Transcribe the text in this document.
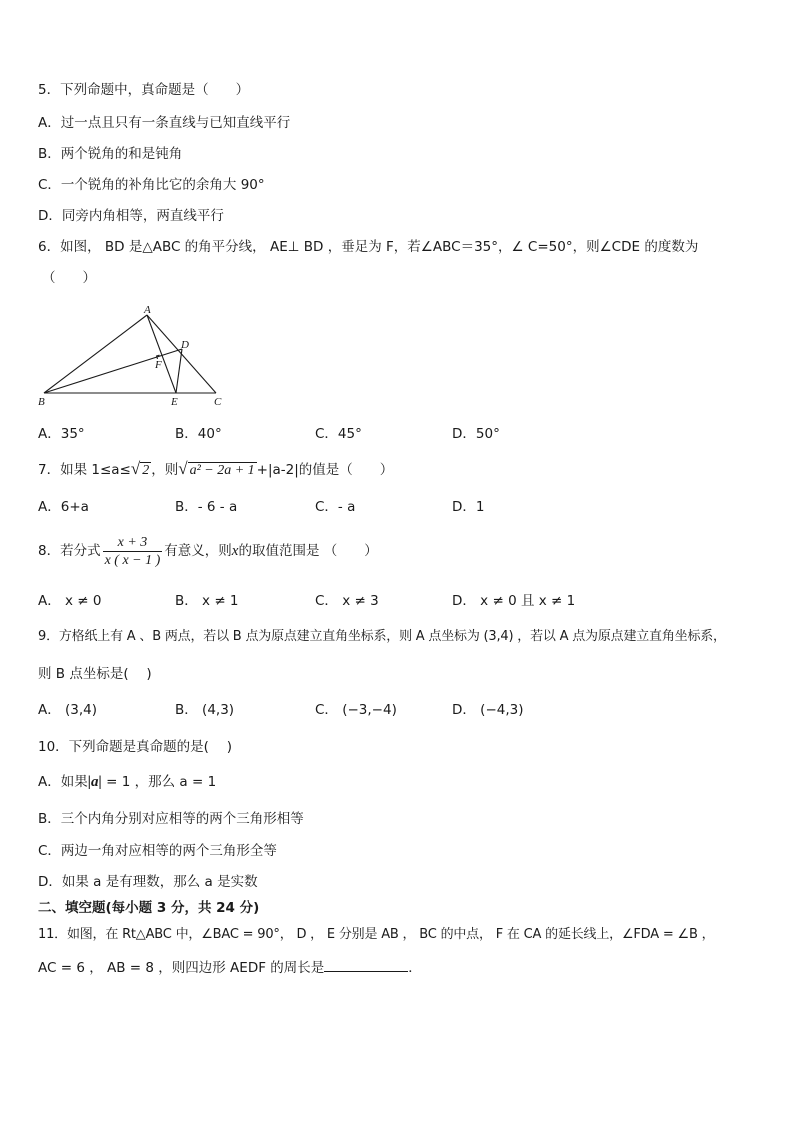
5．下列命题中，真命题是（　　）
A．过一点且只有一条直线与已知直线平行
B．两个锐角的和是钝角
C．一个锐角的补角比它的余角大 90°
D．同旁内角相等，两直线平行
6．如图， BD 是△ABC 的角平分线， AE⊥ BD ，垂足为 F，若∠ABC＝35°，∠ C=50°，则∠CDE 的度数为
（　　）
A
D
F
B	E	C
A．35°	B．40°	C．45°	D．50°
7．如果 1≤a≤√ 2 ，则√ a² − 2a + 1 +|a-2|的值是（　　）
A．6+a	B．- 6 - a	C．- a	D．1
8．若分式 $\frac{x + 3}{x ( x - 1 )}$ 有意义，则x的取值范围是 （　　）
A． x ≠ 0	B． x ≠ 1	C． x ≠ 3	D． x ≠ 0 且 x ≠ 1
9．方格纸上有 A 、B 两点，若以 B 点为原点建立直角坐标系，则 A 点坐标为 (3,4) ，若以 A 点为原点建立直角坐标系，
则 B 点坐标是(　 )
A． (3,4)	B． (4,3)	C． (−3,−4)	D． (−4,3)
10．下列命题是真命题的是(　 )
A．如果|a| = 1 ，那么 a = 1
B．三个内角分别对应相等的两个三角形相等
C．两边一角对应相等的两个三角形全等
D．如果 a 是有理数，那么 a 是实数
二、填空题(每小题 3 分，共 24 分)
11．如图，在 Rt△ABC 中，∠BAC = 90°， D ， E 分别是 AB ， BC 的中点， F 在 CA 的延长线上，∠FDA = ∠B ，
AC = 6 ， AB = 8 ，则四边形 AEDF 的周长是	．
